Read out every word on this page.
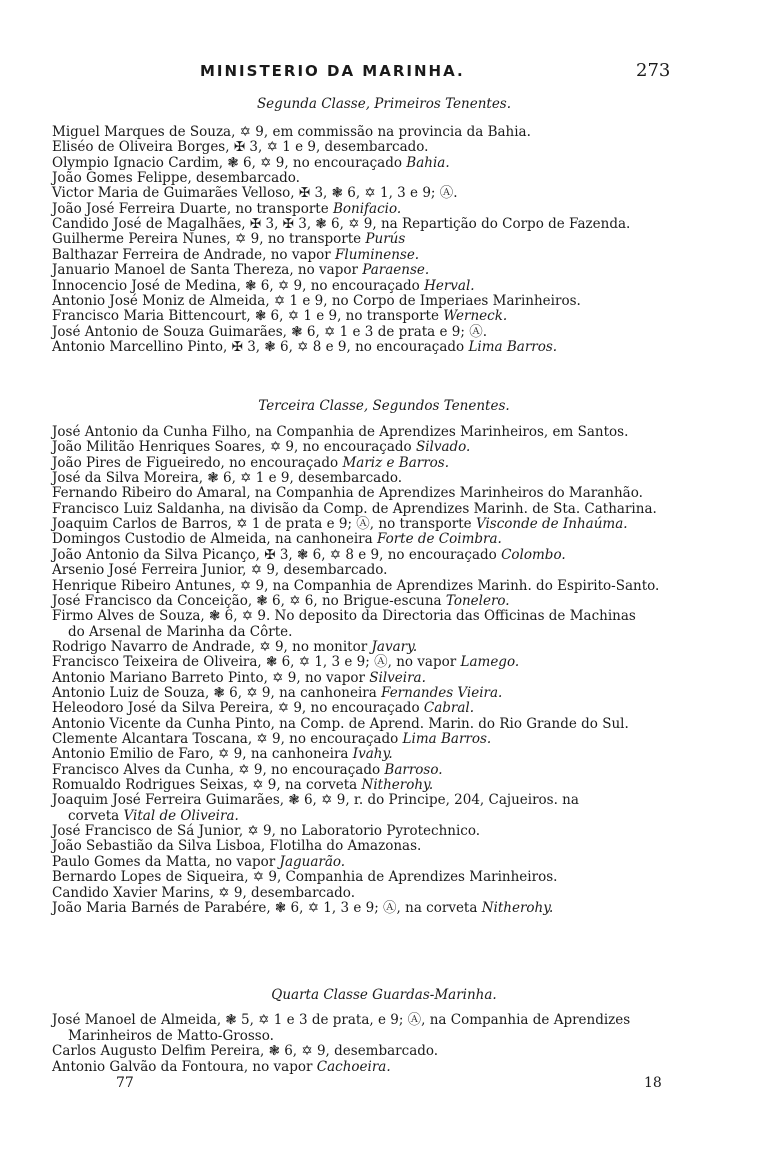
MINISTERIO DA MARINHA.	273
Segunda Classe, Primeiros Tenentes.
Miguel Marques de Souza, ✡ 9, em commissão na provincia da Bahia.
Eliséo de Oliveira Borges, ✠ 3, ✡ 1 e 9, desembarcado.
Olympio Ignacio Cardim, ❃ 6, ✡ 9, no encouraçado Bahia.
João Gomes Felippe, desembarcado.
Victor Maria de Guimarães Velloso, ✠ 3, ❃ 6, ✡ 1, 3 e 9; Ⓐ.
João José Ferreira Duarte, no transporte Bonifacio.
Candido José de Magalhães, ✠ 3, ✠ 3, ❃ 6, ✡ 9, na Repartição do Corpo de Fazenda.
Guilherme Pereira Nunes, ✡ 9, no transporte Purús
Balthazar Ferreira de Andrade, no vapor Fluminense.
Januario Manoel de Santa Thereza, no vapor Paraense.
Innocencio José de Medina, ❃ 6, ✡ 9, no encouraçado Herval.
Antonio José Moniz de Almeida, ✡ 1 e 9, no Corpo de Imperiaes Marinheiros.
Francisco Maria Bittencourt, ❃ 6, ✡ 1 e 9, no transporte Werneck.
José Antonio de Souza Guimarães, ❃ 6, ✡ 1 e 3 de prata e 9; Ⓐ.
Antonio Marcellino Pinto, ✠ 3, ❃ 6, ✡ 8 e 9, no encouraçado Lima Barros.
Terceira Classe, Segundos Tenentes.
José Antonio da Cunha Filho, na Companhia de Aprendizes Marinheiros, em Santos.
João Militão Henriques Soares, ✡ 9, no encouraçado Silvado.
João Pires de Figueiredo, no encouraçado Mariz e Barros.
José da Silva Moreira, ❃ 6, ✡ 1 e 9, desembarcado.
Fernando Ribeiro do Amaral, na Companhia de Aprendizes Marinheiros do Maranhão.
Francisco Luiz Saldanha, na divisão da Comp. de Aprendizes Marinh. de Sta. Catharina.
Joaquim Carlos de Barros, ✡ 1 de prata e 9; Ⓐ, no transporte Visconde de Inhaúma.
Domingos Custodio de Almeida, na canhoneira Forte de Coimbra.
João Antonio da Silva Picanço, ✠ 3, ❃ 6, ✡ 8 e 9, no encouraçado Colombo.
Arsenio José Ferreira Junior, ✡ 9, desembarcado.
Henrique Ribeiro Antunes, ✡ 9, na Companhia de Aprendizes Marinh. do Espirito-Santo.
José Francisco da Conceição, ❃ 6, ✡ 6, no Brigue-escuna Tonelero.
Firmo Alves de Souza, ❃ 6, ✡ 9. No deposito da Directoria das Officinas de Machinas
do Arsenal de Marinha da Côrte.
Rodrigo Navarro de Andrade, ✡ 9, no monitor Javary.
Francisco Teixeira de Oliveira, ❃ 6, ✡ 1, 3 e 9; Ⓐ, no vapor Lamego.
Antonio Mariano Barreto Pinto, ✡ 9, no vapor Silveira.
Antonio Luiz de Souza, ❃ 6, ✡ 9, na canhoneira Fernandes Vieira.
Heleodoro José da Silva Pereira, ✡ 9, no encouraçado Cabral.
Antonio Vicente da Cunha Pinto, na Comp. de Aprend. Marin. do Rio Grande do Sul.
Clemente Alcantara Toscana, ✡ 9, no encouraçado Lima Barros.
Antonio Emilio de Faro, ✡ 9, na canhoneira Ivahy.
Francisco Alves da Cunha, ✡ 9, no encouraçado Barroso.
Romualdo Rodrigues Seixas, ✡ 9, na corveta Nitherohy.
Joaquim José Ferreira Guimarães, ❃ 6, ✡ 9, r. do Principe, 204, Cajueiros. na
corveta Vital de Oliveira.
José Francisco de Sá Junior, ✡ 9, no Laboratorio Pyrotechnico.
João Sebastião da Silva Lisboa, Flotilha do Amazonas.
Paulo Gomes da Matta, no vapor Jaguarão.
Bernardo Lopes de Siqueira, ✡ 9, Companhia de Aprendizes Marinheiros.
Candido Xavier Marins, ✡ 9, desembarcado.
João Maria Barnés de Parabére, ❃ 6, ✡ 1, 3 e 9; Ⓐ, na corveta Nitherohy.
Quarta Classe Guardas-Marinha.
José Manoel de Almeida, ❃ 5, ✡ 1 e 3 de prata, e 9; Ⓐ, na Companhia de Aprendizes
Marinheiros de Matto-Grosso.
Carlos Augusto Delfim Pereira, ❃ 6, ✡ 9, desembarcado.
Antonio Galvão da Fontoura, no vapor Cachoeira.
77	18
